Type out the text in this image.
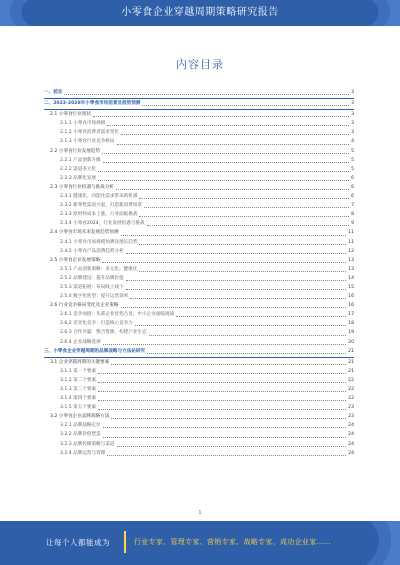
小零食企业穿越周期策略研究报告
内容目录
一、前言	3
二、2023-2028年小零食市场前景及趋势预测	3
2.1 小零食行业现状	3
2.1.1 小零食市场规模	3
2.1.2 小零食消费者需求变化	3
2.1.3 小零食行业竞争格局	4
2.2 小零食行业发展趋势	5
2.2.1 产品创新升级	5
2.2.2 渠道多元化	5
2.2.3 品牌化发展	6
2.3 小零食行业机遇与挑战分析	6
2.3.1 健康化、功能化需求带来新机遇	6
2.3.2 新零售渠道兴起，打造新消费场景	7
2.3.3 原材料成本上涨，行业面临挑战	8
2.3.4 小零食2024，行业发展机遇与挑战	9
2.4 小零食市场未来发展趋势预测	11
2.4.1 小零食市场规模预测及增长趋势	11
2.4.2 小零食产品消费趋势分析	12
2.5 小零食企业发展策略	13
2.5.1 产品创新策略：多元化、健康化	13
2.5.2 品牌建设：提升品牌价值	14
2.5.3 渠道拓展：布局线上线下	15
2.5.4 数字化转型：提升运营效率	16
2.6 行业竞争格局变化及企业策略	16
2.6.1 竞争加剧：头部企业优势凸显，中小企业面临挑战	17
2.6.2 差异化竞争：打造核心竞争力	18
2.6.3 合作共赢：整合资源，构建产业生态	19
2.6.4 企业战略选择	20
三、小零食企业穿越周期的品牌战略与方法论研究	21
3.1 企业穿越周期的关键要素	21
3.1.1 第一个要素	21
3.1.2 第二个要素	22
3.1.3 第三个要素	22
3.1.4 第四个要素	22
3.1.5 第五个要素	23
3.2 小零食企业品牌战略方法	23
3.2.1 品牌战略定位	24
3.2.2 品牌价值塑造	24
3.2.3 品牌传播策略与渠道	24
3.2.4 品牌运营与管理	24
1
让每个人都能成为	行业专家、管理专家、营销专家、战略专家、成功企业家……
